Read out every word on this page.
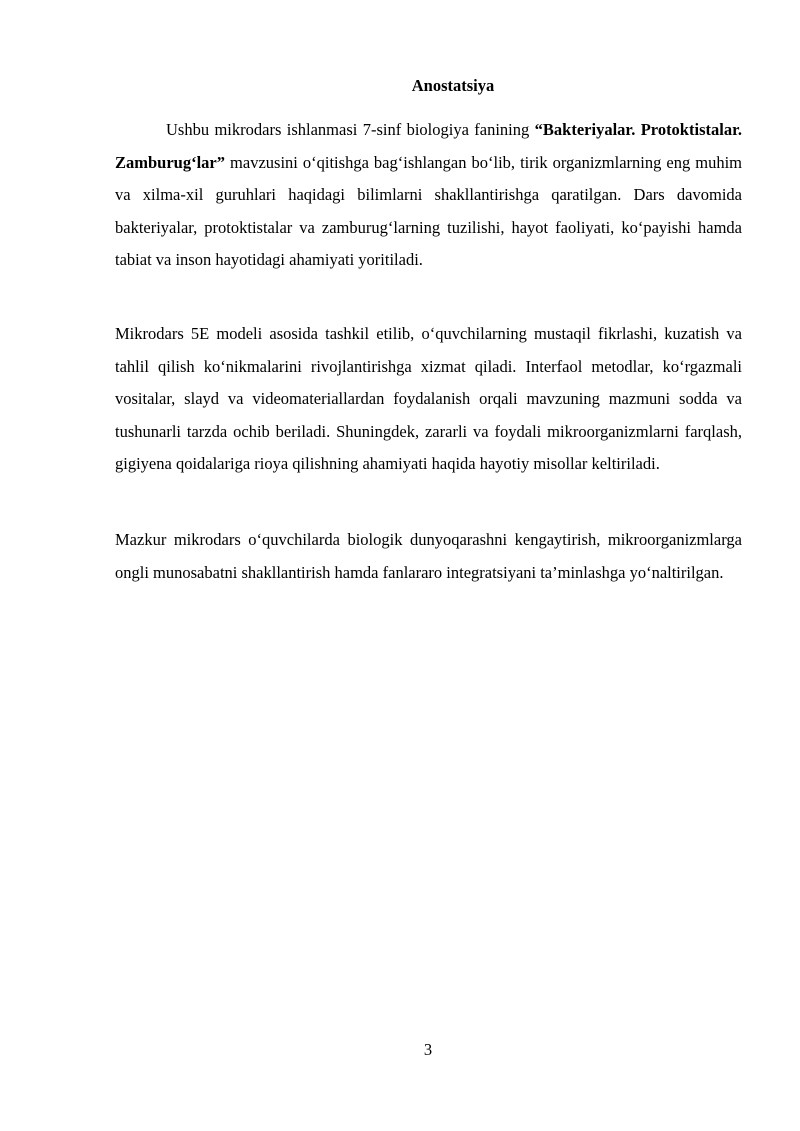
Anostatsiya
Ushbu mikrodars ishlanmasi 7-sinf biologiya fanining “Bakteriyalar. Protoktistalar. Zamburug‘lar” mavzusini o‘qitishga bag‘ishlangan bo‘lib, tirik organizmlarning eng muhim va xilma-xil guruhlari haqidagi bilimlarni shakllantirishga qaratilgan. Dars davomida bakteriyalar, protoktistalar va zamburug‘larning tuzilishi, hayot faoliyati, ko‘payishi hamda tabiat va inson hayotidagi ahamiyati yoritiladi.
Mikrodars 5E modeli asosida tashkil etilib, o‘quvchilarning mustaqil fikrlashi, kuzatish va tahlil qilish ko‘nikmalarini rivojlantirishga xizmat qiladi. Interfaol metodlar, ko‘rgazmali vositalar, slayd va videomateriallardan foydalanish orqali mavzuning mazmuni sodda va tushunarli tarzda ochib beriladi. Shuningdek, zararli va foydali mikroorganizmlarni farqlash, gigiyena qoidalariga rioya qilishning ahamiyati haqida hayotiy misollar keltiriladi.
Mazkur mikrodars o‘quvchilarda biologik dunyoqarashni kengaytirish, mikroorganizmlarga ongli munosabatni shakllantirish hamda fanlararo integratsiyani ta’minlashga yo‘naltirilgan.
3
